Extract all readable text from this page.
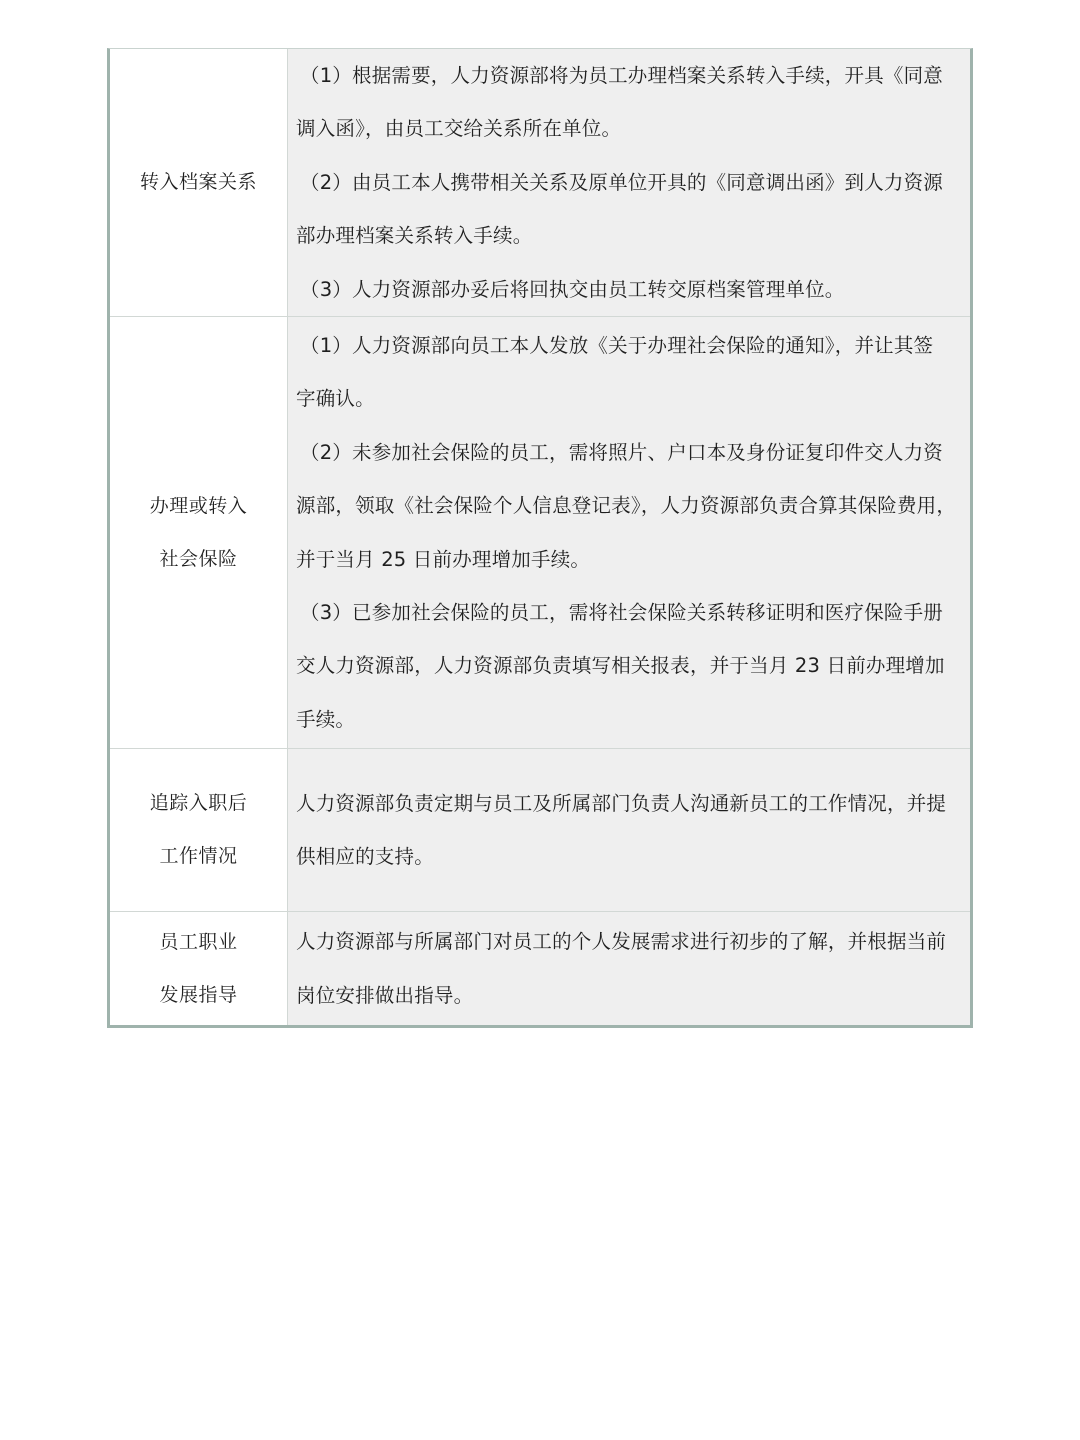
转入档案关系
（1）根据需要，人力资源部将为员工办理档案关系转入手续，开具《同意
调入函》，由员工交给关系所在单位。
（2）由员工本人携带相关关系及原单位开具的《同意调出函》到人力资源
部办理档案关系转入手续。
（3）人力资源部办妥后将回执交由员工转交原档案管理单位。
办理或转入
社会保险
（1）人力资源部向员工本人发放《关于办理社会保险的通知》，并让其签
字确认。
（2）未参加社会保险的员工，需将照片、户口本及身份证复印件交人力资
源部，领取《社会保险个人信息登记表》，人力资源部负责合算其保险费用，
并于当月 25 日前办理增加手续。
（3）已参加社会保险的员工，需将社会保险关系转移证明和医疗保险手册
交人力资源部，人力资源部负责填写相关报表，并于当月 23 日前办理增加
手续。
追踪入职后
工作情况
人力资源部负责定期与员工及所属部门负责人沟通新员工的工作情况，并提
供相应的支持。
员工职业
发展指导
人力资源部与所属部门对员工的个人发展需求进行初步的了解，并根据当前
岗位安排做出指导。
